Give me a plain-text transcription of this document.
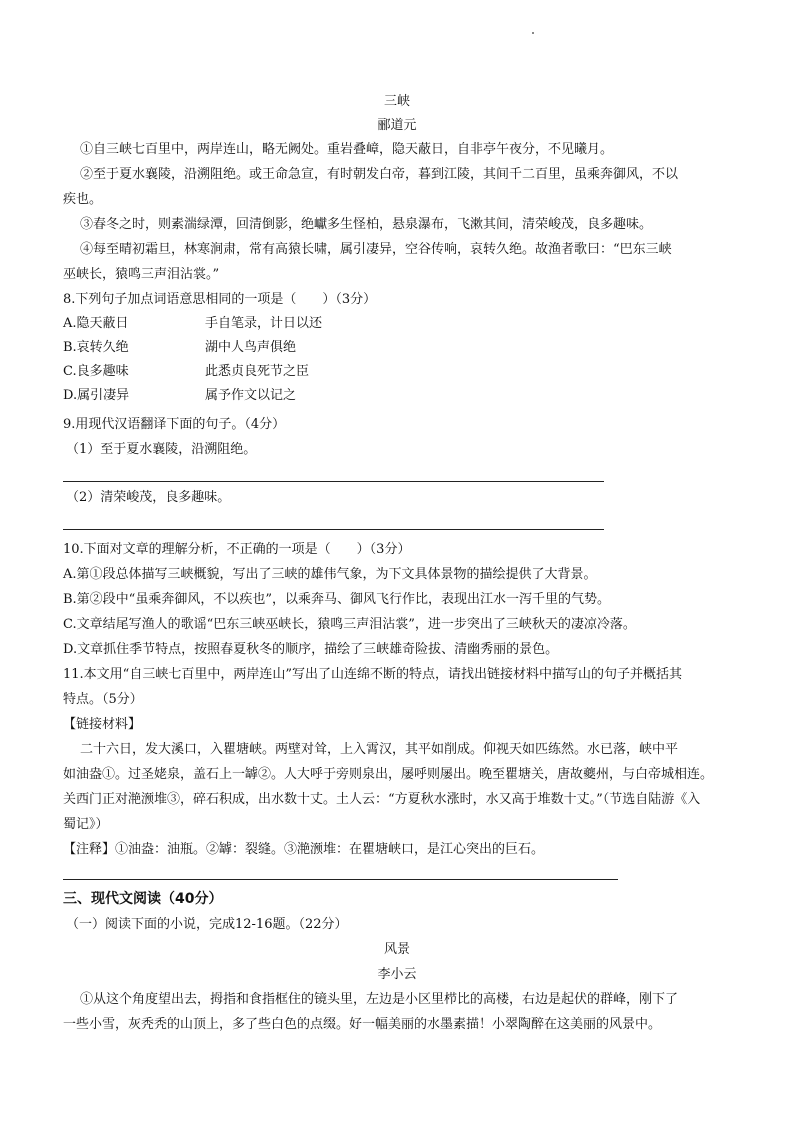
三峡
郦道元
①自三峡七百里中，两岸连山，略无阙处。重岩叠嶂，隐天蔽日，自非亭午夜分，不见曦月。
②至于夏水襄陵，沿溯阻绝。或王命急宣，有时朝发白帝，暮到江陵，其间千二百里，虽乘奔御风，不以
疾也。
③春冬之时，则素湍绿潭，回清倒影，绝巘多生怪柏，悬泉瀑布，飞漱其间，清荣峻茂，良多趣味。
④每至晴初霜旦，林寒涧肃，常有高猿长啸，属引凄异，空谷传响，哀转久绝。故渔者歌曰：“巴东三峡
巫峡长，猿鸣三声泪沾裳。”
8.下列句子加点词语意思相同的一项是（　　）（3分）
A.隐天蔽日	手自笔录，计日以还
B.哀转久绝	湖中人鸟声俱绝
C.良多趣味	此悉贞良死节之臣
D.属引凄异	属予作文以记之
9.用现代汉语翻译下面的句子。（4分）
（1）至于夏水襄陵，沿溯阻绝。
（2）清荣峻茂，良多趣味。
10.下面对文章的理解分析，不正确的一项是（　　）（3分）
A.第①段总体描写三峡概貌，写出了三峡的雄伟气象，为下文具体景物的描绘提供了大背景。
B.第②段中“虽乘奔御风，不以疾也”，以乘奔马、御风飞行作比，表现出江水一泻千里的气势。
C.文章结尾写渔人的歌谣“巴东三峡巫峡长，猿鸣三声泪沾裳”，进一步突出了三峡秋天的凄凉冷落。
D.文章抓住季节特点，按照春夏秋冬的顺序，描绘了三峡雄奇险拔、清幽秀丽的景色。
11.本文用“自三峡七百里中，两岸连山”写出了山连绵不断的特点，请找出链接材料中描写山的句子并概括其
特点。（5分）
【链接材料】
二十六日，发大溪口，入瞿塘峡。两壁对耸，上入霄汉，其平如削成。仰视天如匹练然。水已落，峡中平
如油盎①。过圣姥泉，盖石上一罅②。人大呼于旁则泉出，屡呼则屡出。晚至瞿塘关，唐故夔州，与白帝城相连。
关西门正对滟滪堆③，碎石积成，出水数十丈。土人云：“方夏秋水涨时，水又高于堆数十丈。”（节选自陆游《入
蜀记》）
【注释】①油盎：油瓶。②罅：裂缝。③滟滪堆：在瞿塘峡口，是江心突出的巨石。
三、现代文阅读（40分）
（一）阅读下面的小说，完成12-16题。（22分）
风景
李小云
①从这个角度望出去，拇指和食指框住的镜头里，左边是小区里栉比的高楼，右边是起伏的群峰，刚下了
一些小雪，灰秃秃的山顶上，多了些白色的点缀。好一幅美丽的水墨素描！小翠陶醉在这美丽的风景中。
